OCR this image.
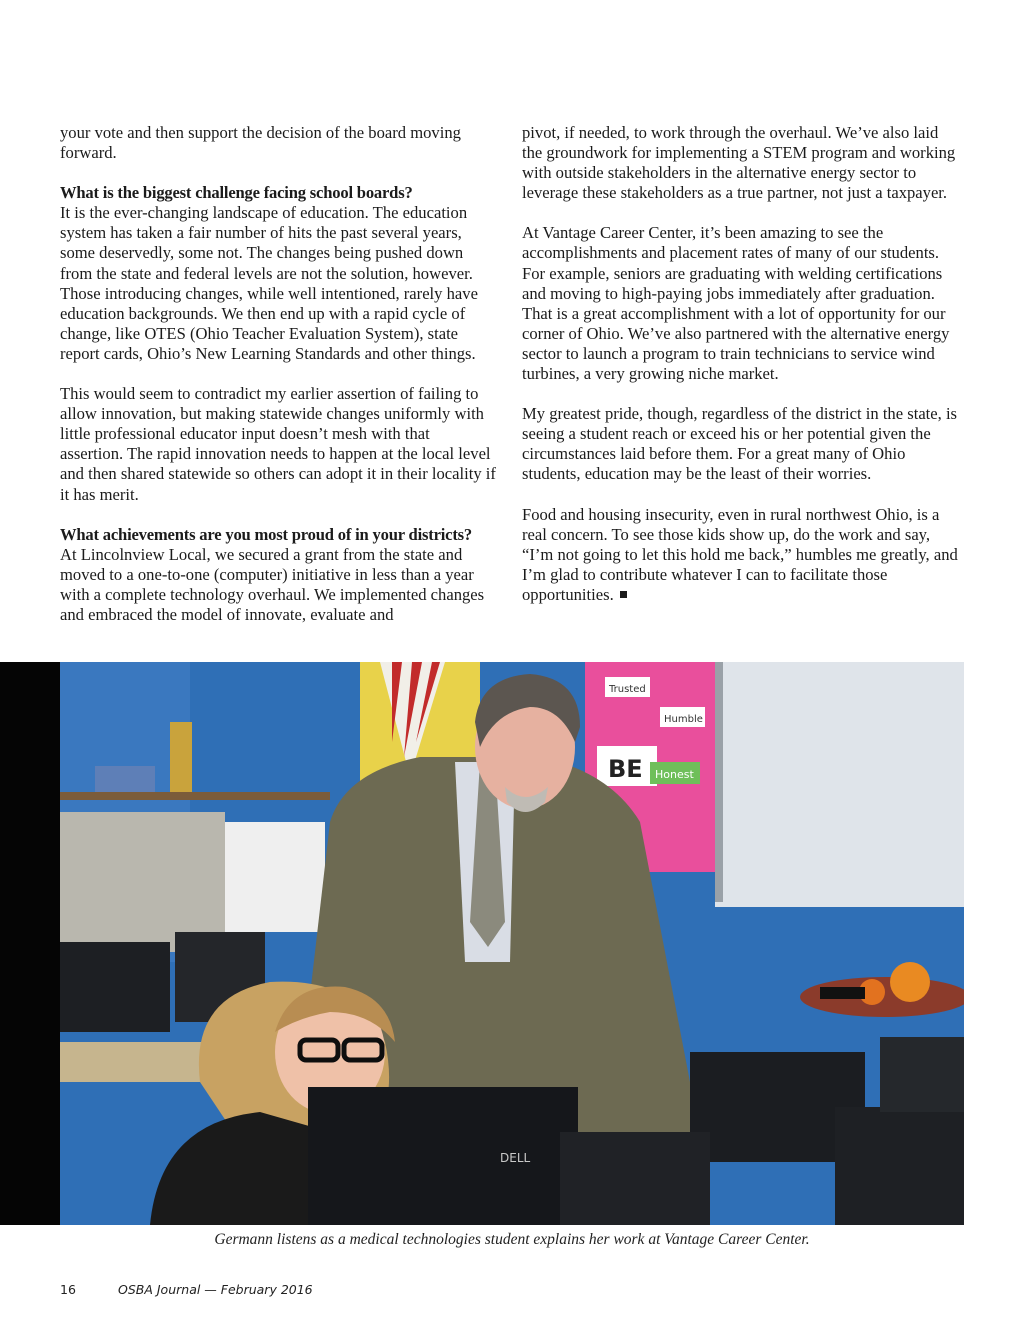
your vote and then support the decision of the board moving forward.

What is the biggest challenge facing school boards?

It is the ever-changing landscape of education. The education system has taken a fair number of hits the past several years, some deservedly, some not. The changes being pushed down from the state and federal levels are not the solution, however. Those introducing changes, while well intentioned, rarely have education backgrounds. We then end up with a rapid cycle of change, like OTES (Ohio Teacher Evaluation System), state report cards, Ohio’s New Learning Standards and other things.

This would seem to contradict my earlier assertion of failing to allow innovation, but making statewide changes uniformly with little professional educator input doesn’t mesh with that assertion. The rapid innovation needs to happen at the local level and then shared statewide so others can adopt it in their locality if it has merit.

What achievements are you most proud of in your districts?

At Lincolnview Local, we secured a grant from the state and moved to a one-to-one (computer) initiative in less than a year with a complete technology overhaul. We implemented changes and embraced the model of innovate, evaluate and

pivot, if needed, to work through the overhaul. We’ve also laid the groundwork for implementing a STEM program and working with outside stakeholders in the alternative energy sector to leverage these stakeholders as a true partner, not just a taxpayer.

At Vantage Career Center, it’s been amazing to see the accomplishments and placement rates of many of our students. For example, seniors are graduating with welding certifications and moving to high-paying jobs immediately after graduation. That is a great accomplishment with a lot of opportunity for our corner of Ohio. We’ve also partnered with the alternative energy sector to launch a program to train technicians to service wind turbines, a very growing niche market.

My greatest pride, though, regardless of the district in the state, is seeing a student reach or exceed his or her potential given the circumstances laid before them. For a great many of Ohio students, education may be the least of their worries.

Food and housing insecurity, even in rural northwest Ohio, is a real concern. To see those kids show up, do the work and say, “I’m not going to let this hold me back,” humbles me greatly, and I’m glad to contribute whatever I can to facilitate those opportunities.

BE Honest
Humble
Trusted
DELL
Germann listens as a medical technologies student explains her work at Vantage Career Center.
16	OSBA Journal — February 2016
